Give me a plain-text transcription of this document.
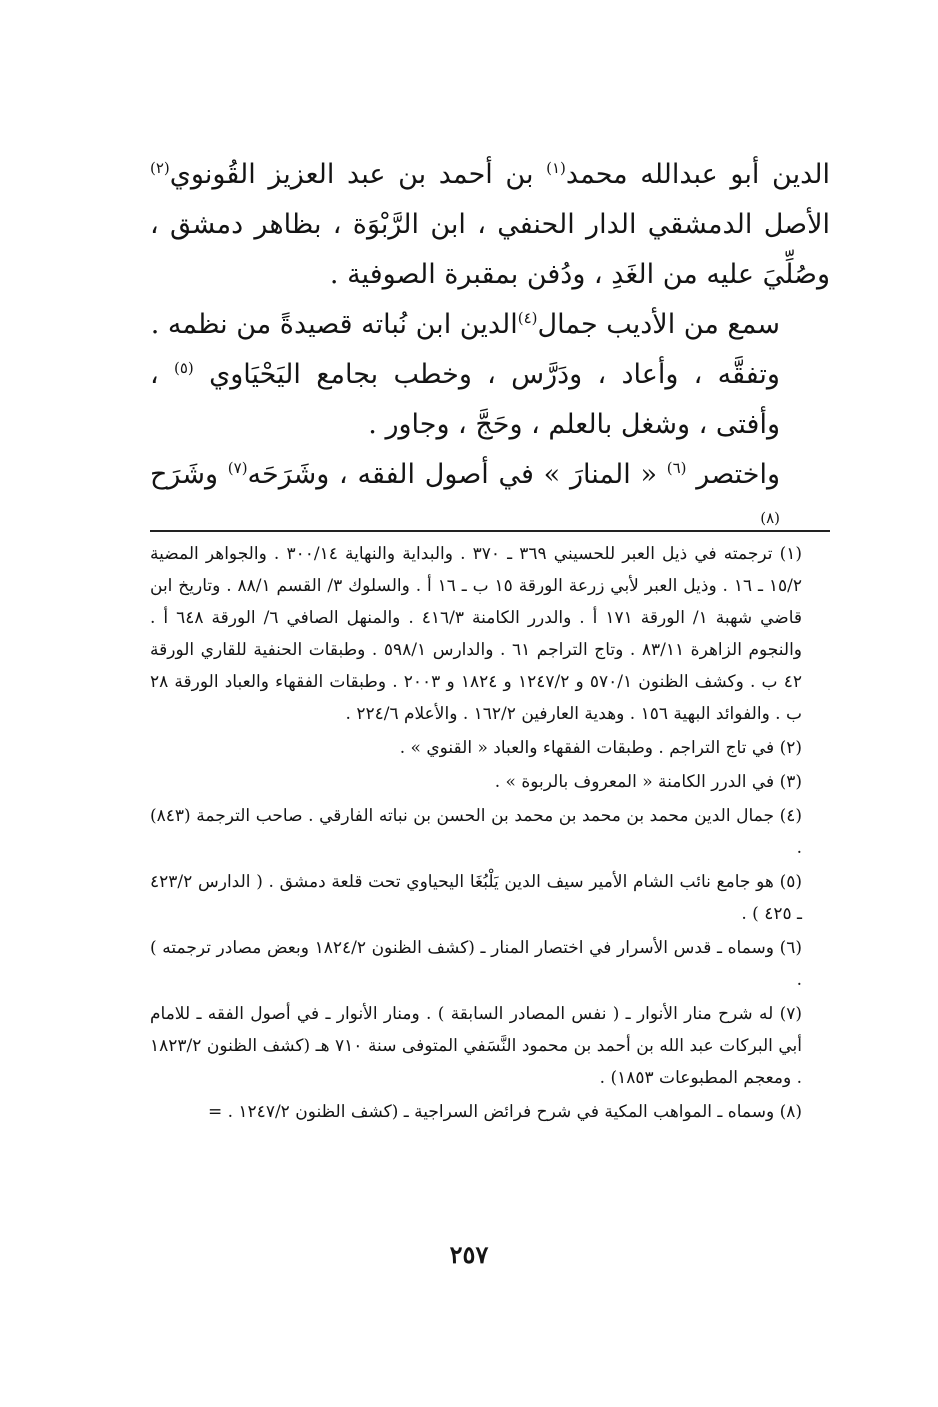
الدين أبو عبدالله محمد$^{(١)}$ بن أحمد بن عبد العزيز القُونوي$^{(٢)}$ الأصل الدمشقي الدار الحنفي ، ابن الرَّبْوَة ، بظاهر دمشق ، وصُلِّيَ عليه من الغَدِ ، ودُفن بمقبرة الصوفية .

سمع من الأديب جمال$^{(٤)}$الدين ابن نُباته قصيدةً من نظمه .

وتفقَّه ، وأعاد ، ودَرَّس ، وخطب بجامع اليَحْيَاوي $^{(٥)}$ ، وأفتى ، وشغل بالعلم ، وحَجَّ ، وجاور .

واختصر $^{(٦)}$ « المنارَ » في أصول الفقه ، وشَرَحَه$^{(٧)}$ وشَرَح $^{(٨)}$

(١) ترجمته في ذيل العبر للحسيني ٣٦٩ ـ ٣٧٠ . والبداية والنهاية ٣٠٠/١٤ . والجواهر المضية ١٥/٢ ـ ١٦ . وذيل العبر لأبي زرعة الورقة ١٥ ب ـ ١٦ أ . والسلوك ٣/ القسم ٨٨/١ . وتاريخ ابن قاضي شهبة ١/ الورقة ١٧١ أ . والدرر الكامنة ٤١٦/٣ . والمنهل الصافي ٦/ الورقة ٦٤٨ أ . والنجوم الزاهرة ٨٣/١١ . وتاج التراجم ٦١ . والدارس ٥٩٨/١ . وطبقات الحنفية للقاري الورقة ٤٢ ب . وكشف الظنون ٥٧٠/١ و ١٢٤٧/٢ و ١٨٢٤ و ٢٠٠٣ . وطبقات الفقهاء والعباد الورقة ٢٨ ب . والفوائد البهية ١٥٦ . وهدية العارفين ١٦٢/٢ . والأعلام ٢٢٤/٦ .

(٢) في تاج التراجم . وطبقات الفقهاء والعباد « القنوي » .

(٣) في الدرر الكامنة « المعروف بالربوة » .

(٤) جمال الدين محمد بن محمد بن محمد بن الحسن بن نباته الفارقي . صاحب الترجمة (٨٤٣) .

(٥) هو جامع نائب الشام الأمير سيف الدين يَلْبُغَا اليحياوي تحت قلعة دمشق . ( الدارس ٤٢٣/٢ ـ ٤٢٥ ) .

(٦) وسماه ـ قدس الأسرار في اختصار المنار ـ (كشف الظنون ١٨٢٤/٢ وبعض مصادر ترجمته ) .

(٧) له شرح منار الأنوار ـ ( نفس المصادر السابقة ) . ومنار الأنوار ـ في أصول الفقه ـ للامام أبي البركات عبد الله بن أحمد بن محمود النَّسَفي المتوفى سنة ٧١٠ هـ (كشف الظنون ١٨٢٣/٢ . ومعجم المطبوعات ١٨٥٣) .

(٨) وسماه ـ المواهب المكية في شرح فرائض السراجية ـ (كشف الظنون ١٢٤٧/٢ . =

٢٥٧
